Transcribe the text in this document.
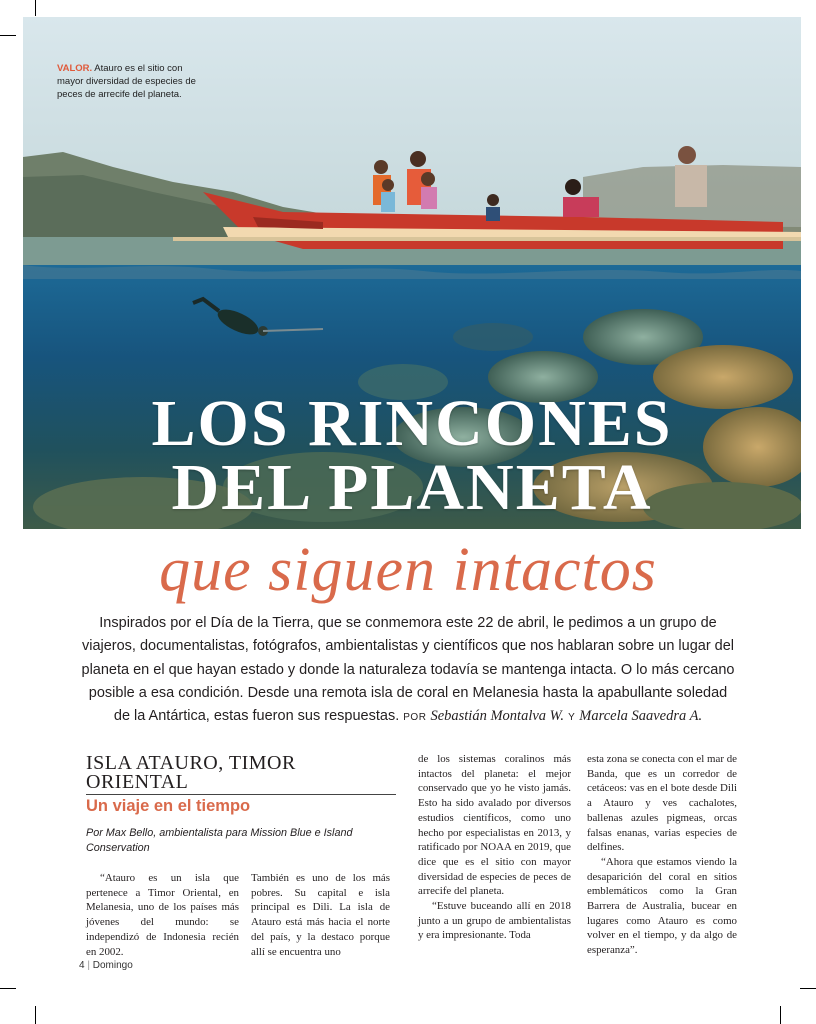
VALOR. Atauro es el sitio con mayor diversidad de especies de peces de arrecife del planeta.
LOS RINCONES
DEL PLANETA
que siguen intactos
Inspirados por el Día de la Tierra, que se conmemora este 22 de abril, le pedimos a un grupo de viajeros, documentalistas, fotógrafos, ambientalistas y científicos que nos hablaran sobre un lugar del planeta en el que hayan estado y donde la naturaleza todavía se mantenga intacta. O lo más cercano posible a esa condición. Desde una remota isla de coral en Melanesia hasta la apabullante soledad de la Antártica, estas fueron sus respuestas. POR Sebastián Montalva W. Y Marcela Saavedra A.
ISLA ATAURO, TIMOR ORIENTAL
Un viaje en el tiempo
Por Max Bello, ambientalista para Mission Blue e Island Conservation

“Atauro es un isla que pertenece a Timor Oriental, en Melanesia, uno de los países más jóvenes del mundo: se independizó de Indonesia recién en 2002.

También es uno de los más pobres. Su capital e isla principal es Dili. La isla de Atauro está más hacia el norte del país, y la destaco porque allí se encuentra uno

de los sistemas coralinos más intactos del planeta: el mejor conservado que yo he visto jamás. Esto ha sido avalado por diversos estudios científicos, como uno hecho por especialistas en 2013, y ratificado por NOAA en 2019, que dice que es el sitio con mayor diversidad de especies de peces de arrecife del planeta.

“Estuve buceando allí en 2018 junto a un grupo de ambientalistas y era impresionante. Toda

esta zona se conecta con el mar de Banda, que es un corredor de cetáceos: vas en el bote desde Dili a Atauro y ves cachalotes, ballenas azules pigmeas, orcas falsas enanas, varias especies de delfines.

“Ahora que estamos viendo la desaparición del coral en sitios emblemáticos como la Gran Barrera de Australia, bucear en lugares como Atauro es como volver en el tiempo, y da algo de esperanza”.

4 | Domingo
